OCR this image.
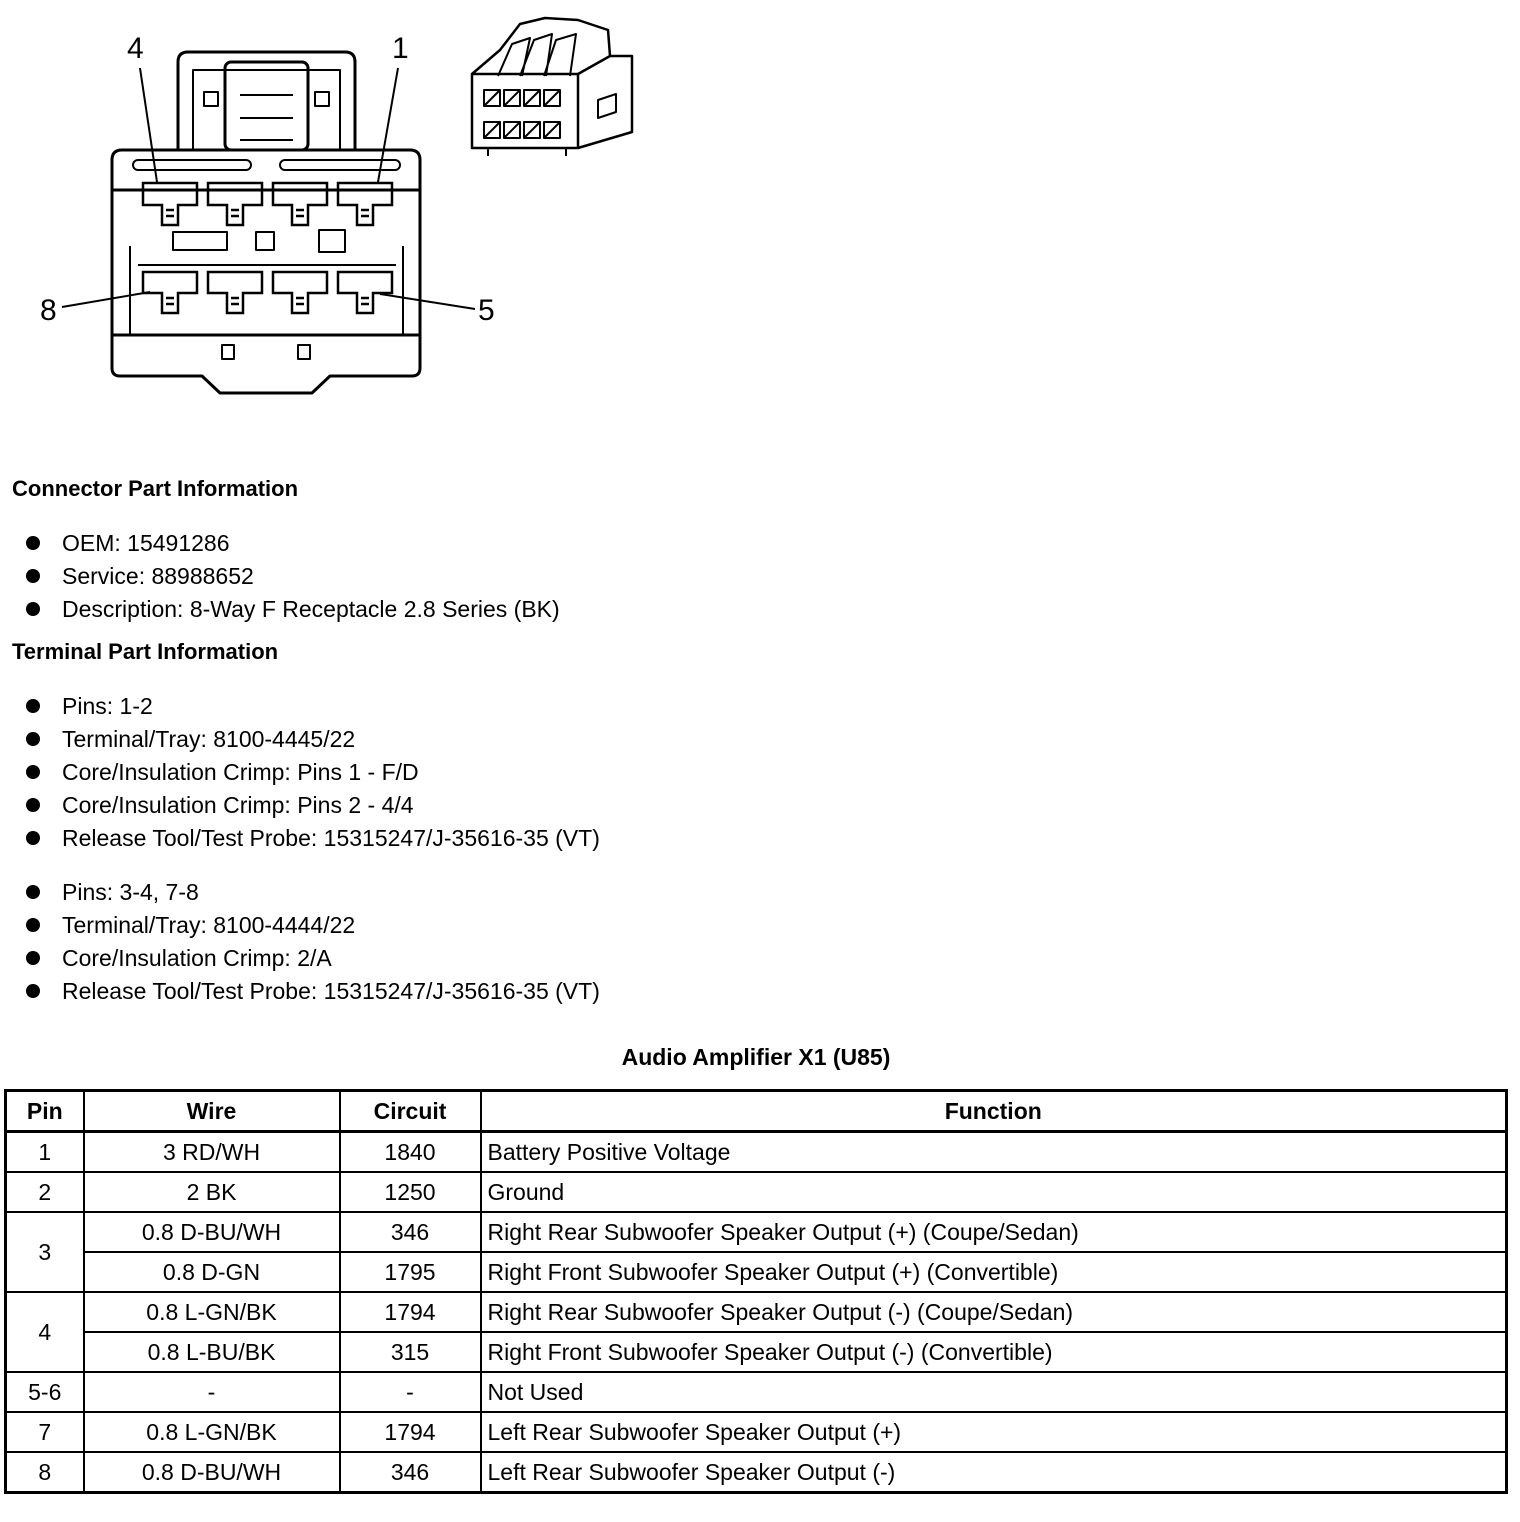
4	1
8	5
Connector Part Information
OEM: 15491286
Service: 88988652
Description: 8-Way F Receptacle 2.8 Series (BK)
Terminal Part Information
Pins: 1-2
Terminal/Tray: 8100-4445/22
Core/Insulation Crimp: Pins 1 - F/D
Core/Insulation Crimp: Pins 2 - 4/4
Release Tool/Test Probe: 15315247/J-35616-35 (VT)
Pins: 3-4, 7-8
Terminal/Tray: 8100-4444/22
Core/Insulation Crimp: 2/A
Release Tool/Test Probe: 15315247/J-35616-35 (VT)
Audio Amplifier X1 (U85)
Pin	Wire	Circuit	Function
1	3 RD/WH	1840	Battery Positive Voltage
2	2 BK	1250	Ground
3	0.8 D-BU/WH	346	Right Rear Subwoofer Speaker Output (+) (Coupe/Sedan)
	0.8 D-GN	1795	Right Front Subwoofer Speaker Output (+) (Convertible)
4	0.8 L-GN/BK	1794	Right Rear Subwoofer Speaker Output (-) (Coupe/Sedan)
	0.8 L-BU/BK	315	Right Front Subwoofer Speaker Output (-) (Convertible)
5-6	-	-	Not Used
7	0.8 L-GN/BK	1794	Left Rear Subwoofer Speaker Output (+)
8	0.8 D-BU/WH	346	Left Rear Subwoofer Speaker Output (-)
